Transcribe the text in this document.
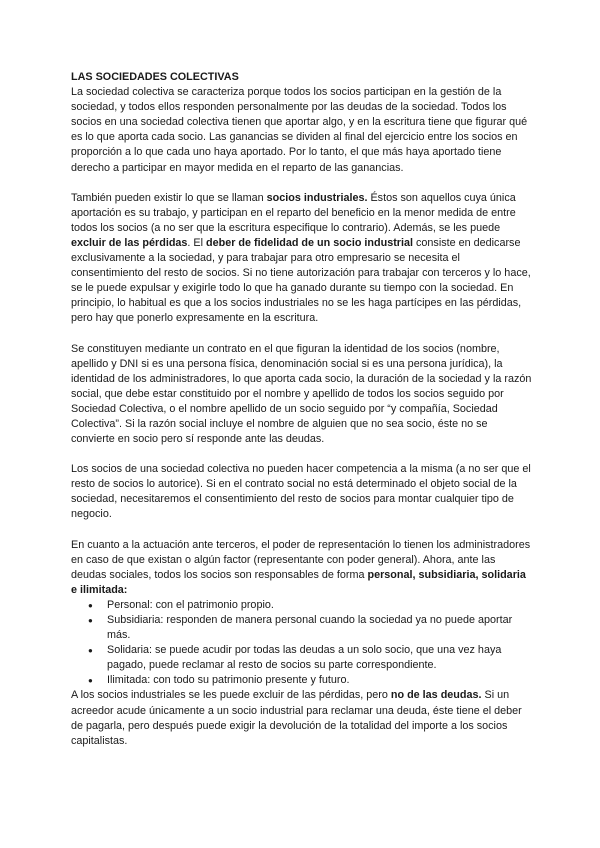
LAS SOCIEDADES COLECTIVAS

La sociedad colectiva se caracteriza porque todos los socios participan en la gestión de la sociedad, y todos ellos responden personalmente por las deudas de la sociedad. Todos los socios en una sociedad colectiva tienen que aportar algo, y en la escritura tiene que figurar qué es lo que aporta cada socio. Las ganancias se dividen al final del ejercicio entre los socios en proporción a lo que cada uno haya aportado. Por lo tanto, el que más haya aportado tiene derecho a participar en mayor medida en el reparto de las ganancias.

También pueden existir lo que se llaman socios industriales. Éstos son aquellos cuya única aportación es su trabajo, y participan en el reparto del beneficio en la menor medida de entre todos los socios (a no ser que la escritura especifique lo contrario). Además, se les puede excluir de las pérdidas. El deber de fidelidad de un socio industrial consiste en dedicarse exclusivamente a la sociedad, y para trabajar para otro empresario se necesita el consentimiento del resto de socios. Si no tiene autorización para trabajar con terceros y lo hace, se le puede expulsar y exigirle todo lo que ha ganado durante su tiempo con la sociedad. En principio, lo habitual es que a los socios industriales no se les haga partícipes en las pérdidas, pero hay que ponerlo expresamente en la escritura.

Se constituyen mediante un contrato en el que figuran la identidad de los socios (nombre, apellido y DNI si es una persona física, denominación social si es una persona jurídica), la identidad de los administradores, lo que aporta cada socio, la duración de la sociedad y la razón social, que debe estar constituido por el nombre y apellido de todos los socios seguido por Sociedad Colectiva, o el nombre apellido de un socio seguido por “y compañía, Sociedad Colectiva”. Si la razón social incluye el nombre de alguien que no sea socio, éste no se convierte en socio pero sí responde ante las deudas.

Los socios de una sociedad colectiva no pueden hacer competencia a la misma (a no ser que el resto de socios lo autorice). Si en el contrato social no está determinado el objeto social de la sociedad, necesitaremos el consentimiento del resto de socios para montar cualquier tipo de negocio.

En cuanto a la actuación ante terceros, el poder de representación lo tienen los administradores en caso de que existan o algún factor (representante con poder general). Ahora, ante las deudas sociales, todos los socios son responsables de forma personal, subsidiaria, solidaria e ilimitada:

● Personal: con el patrimonio propio.
● Subsidiaria: responden de manera personal cuando la sociedad ya no puede aportar más.
● Solidaria: se puede acudir por todas las deudas a un solo socio, que una vez haya pagado, puede reclamar al resto de socios su parte correspondiente.
● Ilimitada: con todo su patrimonio presente y futuro.

A los socios industriales se les puede excluir de las pérdidas, pero no de las deudas. Si un acreedor acude únicamente a un socio industrial para reclamar una deuda, éste tiene el deber de pagarla, pero después puede exigir la devolución de la totalidad del importe a los socios capitalistas.
